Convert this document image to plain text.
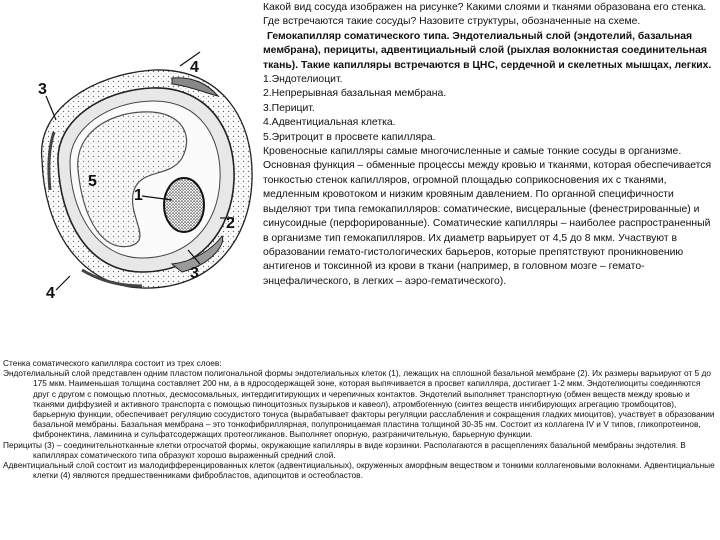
4
3
5
1
2
3
4

Какой вид сосуда изображен на рисунке? Какими слоями и тканями образована его стенка. Где встречаются такие сосуды? Назовите структуры, обозначенные на схеме.

Гемокапилляр соматического типа. Эндотелиальный слой (эндотелий, базальная мембрана), перициты, адвентициальный слой (рыхлая волокнистая соединительная ткань). Такие капилляры встречаются в ЦНС, сердечной и скелетных мышцах, легких.

1.Эндотелиоцит.

2.Непрерывная базальная мембрана.

3.Перицит.

4.Адвентициальная клетка.

5.Эритроцит в просвете капилляра.

Кровеносные капилляры самые многочисленные и самые тонкие сосуды в организме. Основная функция – обменные процессы между кровью и тканями, которая обеспечивается тонкостью стенок капилляров, огромной площадью соприкосновения их с тканями, медленным кровотоком и низким кровяным давлением. По органной специфичности выделяют три типа гемокапилляров: соматические, висцеральные (фенестрированные) и синусоидные (перфорированные). Соматические капилляры – наиболее распространенный в организме тип гемокапилляров. Их диаметр варьирует от 4,5 до 8 мкм. Участвуют в образовании гемато-гистологических барьеров, которые препятствуют проникновению антигенов и токсинной из крови в ткани (например, в головном мозге – гемато-энцефалического, в легких – аэро-гематического).

Стенка соматического капилляра состоит из трех слоев:

Эндотелиальный слой представлен одним пластом полигональной формы эндотелиальных клеток (1), лежащих на сплошной базальной мембране (2). Их размеры варьируют от 5 до 175 мкм. Наименьшая толщина составляет 200 нм, а в ядросодержащей зоне, которая выпячивается в просвет капилляра, достигает 1-2 мкм. Эндотелиоциты соединяются друг с другом с помощью плотных, десмосомальных, интердигитирующих и черепичных контактов. Эндотелий выполняет транспортную (обмен веществ между кровью и тканями диффузией и активного транспорта с помощью пиноцитозных пузырьков и кавеол), атромбогенную (синтез веществ ингибирующих агрегацию тромбоцитов), барьерную функции, обеспечивает регуляцию сосудистого тонуса (вырабатывает факторы регуляции расслабления и сокращения гладких миоцитов), участвует в образовании базальной мембраны. Базальная мембрана – это тонкофибриллярная, полупроницаемая пластина толщиной 30-35 нм. Состоит из коллагена IV и V типов, гликопротеинов, фибронектина, ламинина и сульфатсодержащих протеогликанов. Выполняет опорную, разграничительную, барьерную функции.

Перициты (3) – соединительнотканные клетки отросчатой формы, окружающие капилляры в виде корзинки. Располагаются в расщеплениях базальной мембраны эндотелия. В капиллярах соматического типа образуют хорошо выраженный средний слой.

Адвентициальный слой состоит из малодифференцированных клеток (адвентициальных), окруженных аморфным веществом и тонкими коллагеновыми волокнами. Адвентициальные клетки (4) являются предшественниками фибробластов, адипоцитов и остеобластов.
